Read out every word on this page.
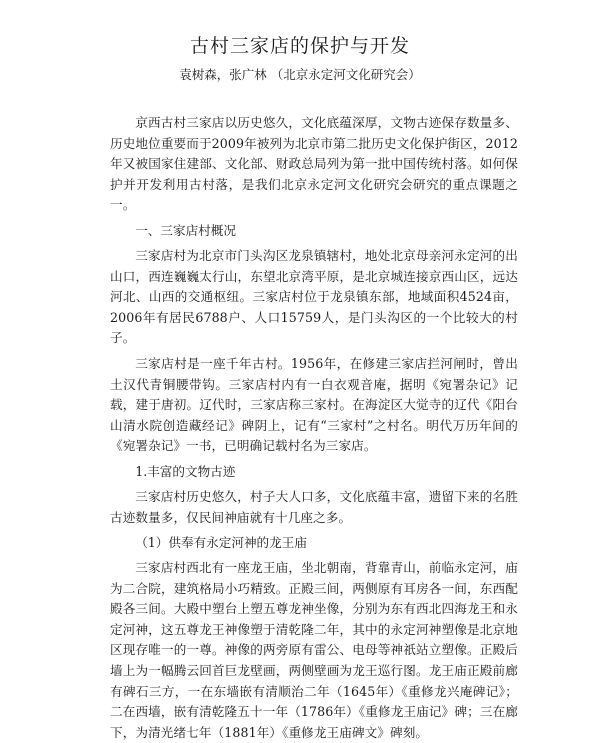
古村三家店的保护与开发
袁树森，张广林 （北京永定河文化研究会）

京西古村三家店以历史悠久，文化底蕴深厚，文物古迹保存数量多、历史地位重要而于2009年被列为北京市第二批历史文化保护街区，2012年又被国家住建部、文化部、财政总局列为第一批中国传统村落。如何保护并开发利用古村落，是我们北京永定河文化研究会研究的重点课题之一。

一、三家店村概况

三家店村为北京市门头沟区龙泉镇辖村，地处北京母亲河永定河的出山口，西连巍巍太行山，东望北京湾平原，是北京城连接京西山区，远达河北、山西的交通枢纽。三家店村位于龙泉镇东部，地域面积4524亩，2006年有居民6788户、人口15759人，是门头沟区的一个比较大的村子。

三家店村是一座千年古村。1956年，在修建三家店拦河闸时，曾出土汉代青铜腰带钩。三家店村内有一白衣观音庵，据明《宛署杂记》记载，建于唐初。辽代时，三家店称三家村。在海淀区大觉寺的辽代《阳台山清水院创造藏经记》碑阴上，记有“三家村”之村名。明代万历年间的《宛署杂记》一书，已明确记载村名为三家店。

1.丰富的文物古迹

三家店村历史悠久，村子大人口多，文化底蕴丰富，遗留下来的名胜古迹数量多，仅民间神庙就有十几座之多。

（1）供奉有永定河神的龙王庙

三家店村西北有一座龙王庙，坐北朝南，背靠青山，前临永定河，庙为二合院，建筑格局小巧精致。正殿三间，两侧原有耳房各一间，东西配殿各三间。大殿中塑台上塑五尊龙神坐像，分别为东有西北四海龙王和永定河神，这五尊龙王神像塑于清乾隆二年，其中的永定河神塑像是北京地区现存唯一的一尊。神像的两旁原有雷公、电母等神祇站立塑像。正殿后墙上为一幅腾云回首巨龙壁画，两侧壁画为龙王巡行图。龙王庙正殿前廊有碑石三方，一在东墙嵌有清顺治二年（1645年）《重修龙兴庵碑记》；二在西墙，嵌有清乾隆五十一年（1786年）《重修龙王庙记》碑；三在廊下，为清光绪七年（1881年）《重修龙王庙碑文》碑刻。
